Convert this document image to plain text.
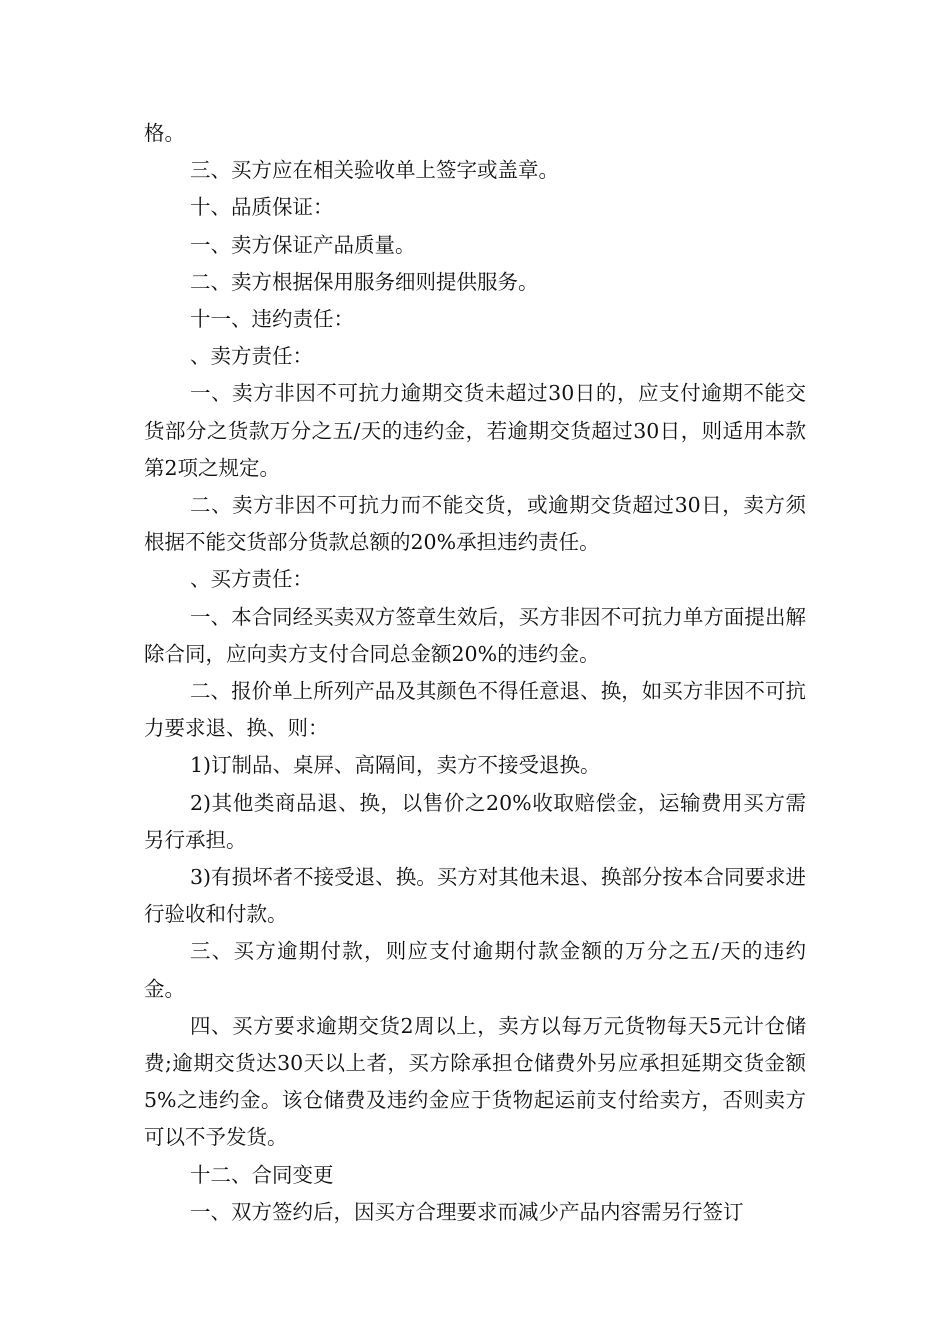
格。

三、买方应在相关验收单上签字或盖章。

十、品质保证：

一、卖方保证产品质量。

二、卖方根据保用服务细则提供服务。

十一、违约责任：

、卖方责任：

一、卖方非因不可抗力逾期交货未超过30日的，应支付逾期不能交货部分之货款万分之五/天的违约金，若逾期交货超过30日，则适用本款第2项之规定。

二、卖方非因不可抗力而不能交货，或逾期交货超过30日，卖方须根据不能交货部分货款总额的20%承担违约责任。

、买方责任：

一、本合同经买卖双方签章生效后，买方非因不可抗力单方面提出解除合同，应向卖方支付合同总金额20%的违约金。

二、报价单上所列产品及其颜色不得任意退、换，如买方非因不可抗力要求退、换、则：

1)订制品、桌屏、高隔间，卖方不接受退换。

2)其他类商品退、换，以售价之20%收取赔偿金，运输费用买方需另行承担。

3)有损坏者不接受退、换。买方对其他未退、换部分按本合同要求进行验收和付款。

三、买方逾期付款，则应支付逾期付款金额的万分之五/天的违约金。

四、买方要求逾期交货2周以上，卖方以每万元货物每天5元计仓储费;逾期交货达30天以上者，买方除承担仓储费外另应承担延期交货金额5%之违约金。该仓储费及违约金应于货物起运前支付给卖方，否则卖方可以不予发货。

十二、合同变更

一、双方签约后，因买方合理要求而减少产品内容需另行签订
